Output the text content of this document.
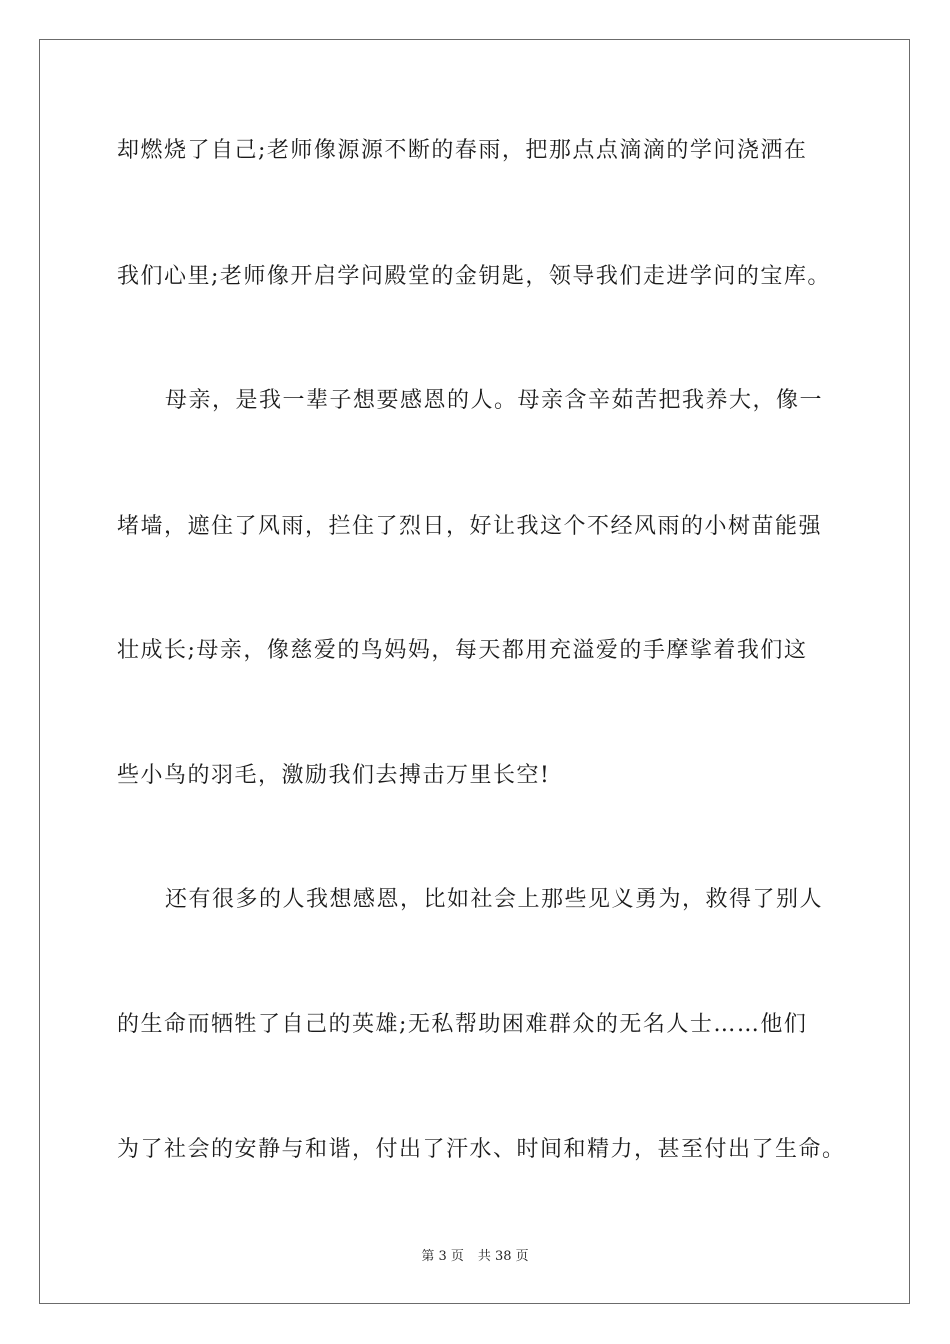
却燃烧了自己;老师像源源不断的春雨，把那点点滴滴的学问浇洒在
我们心里;老师像开启学问殿堂的金钥匙，领导我们走进学问的宝库。
母亲，是我一辈子想要感恩的人。母亲含辛茹苦把我养大，像一
堵墙，遮住了风雨，拦住了烈日，好让我这个不经风雨的小树苗能强
壮成长;母亲，像慈爱的鸟妈妈，每天都用充溢爱的手摩挲着我们这
些小鸟的羽毛，激励我们去搏击万里长空!
还有很多的人我想感恩，比如社会上那些见义勇为，救得了别人
的生命而牺牲了自己的英雄;无私帮助困难群众的无名人士……他们
为了社会的安静与和谐，付出了汗水、时间和精力，甚至付出了生命。
第 3 页 共 38 页
